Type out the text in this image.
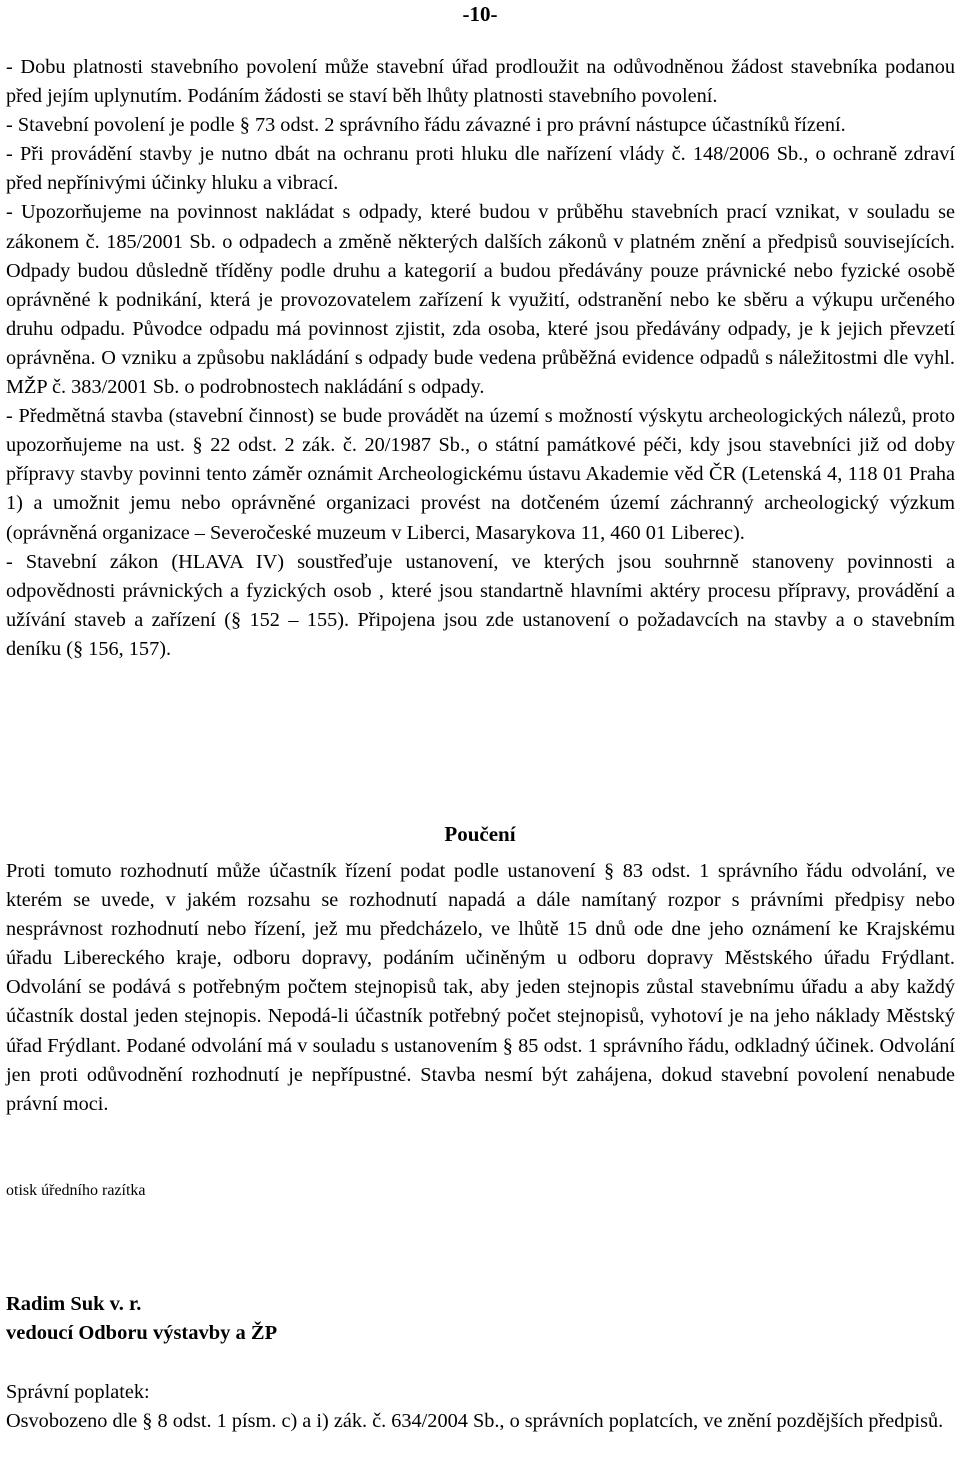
-10-

- Dobu platnosti stavebního povolení může stavební úřad prodloužit na odůvodněnou žádost stavebníka podanou před jejím uplynutím. Podáním žádosti se staví běh lhůty platnosti stavebního povolení.

- Stavební povolení je podle § 73 odst. 2 správního řádu závazné i pro právní nástupce účastníků řízení.

- Při provádění stavby je nutno dbát na ochranu proti hluku dle nařízení vlády č. 148/2006 Sb., o ochraně zdraví před nepřínivými účinky hluku a vibrací.

- Upozorňujeme na povinnost nakládat s odpady, které budou v průběhu stavebních prací vznikat, v souladu se zákonem č. 185/2001 Sb. o odpadech a změně některých dalších zákonů v platném znění a předpisů souvisejících. Odpady budou důsledně tříděny podle druhu a kategorií a budou předávány pouze právnické nebo fyzické osobě oprávněné k podnikání, která je provozovatelem zařízení k využití, odstranění nebo ke sběru a výkupu určeného druhu odpadu. Původce odpadu má povinnost zjistit, zda osoba, které jsou předávány odpady, je k jejich převzetí oprávněna. O vzniku a způsobu nakládání s odpady bude vedena průběžná evidence odpadů s náležitostmi dle vyhl. MŽP č. 383/2001 Sb. o podrobnostech nakládání s odpady.

- Předmětná stavba (stavební činnost) se bude provádět na území s možností výskytu archeologických nálezů, proto upozorňujeme na ust. § 22 odst. 2 zák. č. 20/1987 Sb., o státní památkové péči, kdy jsou stavebníci již od doby přípravy stavby povinni tento záměr oznámit Archeologickému ústavu Akademie věd ČR (Letenská 4, 118 01 Praha 1) a umožnit jemu nebo oprávněné organizaci provést na dotčeném území záchranný archeologický výzkum (oprávněná organizace – Severočeské muzeum v Liberci, Masarykova 11, 460 01 Liberec).

- Stavební zákon (HLAVA IV) soustřeďuje ustanovení, ve kterých jsou souhrnně stanoveny povinnosti a odpovědnosti právnických a fyzických osob , které jsou standartně hlavními aktéry procesu přípravy, provádění a užívání staveb a zařízení (§ 152 – 155). Připojena jsou zde ustanovení o požadavcích na stavby a o stavebním deníku (§ 156, 157).

Poučení

Proti tomuto rozhodnutí může účastník řízení podat podle ustanovení § 83 odst. 1 správního řádu odvolání, ve kterém se uvede, v jakém rozsahu se rozhodnutí napadá a dále namítaný rozpor s právními předpisy nebo nesprávnost rozhodnutí nebo řízení, jež mu předcházelo, ve lhůtě 15 dnů ode dne jeho oznámení ke Krajskému úřadu Libereckého kraje, odboru dopravy, podáním učiněným u odboru dopravy Městského úřadu Frýdlant. Odvolání se podává s potřebným počtem stejnopisů tak, aby jeden stejnopis zůstal stavebnímu úřadu a aby každý účastník dostal jeden stejnopis. Nepodá-li účastník potřebný počet stejnopisů, vyhotoví je na jeho náklady Městský úřad Frýdlant. Podané odvolání má v souladu s ustanovením § 85 odst. 1 správního řádu, odkladný účinek. Odvolání jen proti odůvodnění rozhodnutí je nepřípustné. Stavba nesmí být zahájena, dokud stavební povolení nenabude právní moci.

otisk úředního razítka
Radim Suk v. r.
vedoucí Odboru výstavby a ŽP

Správní poplatek:

Osvobozeno dle § 8 odst. 1 písm. c) a i) zák. č. 634/2004 Sb., o správních poplatcích, ve znění pozdějších předpisů.
